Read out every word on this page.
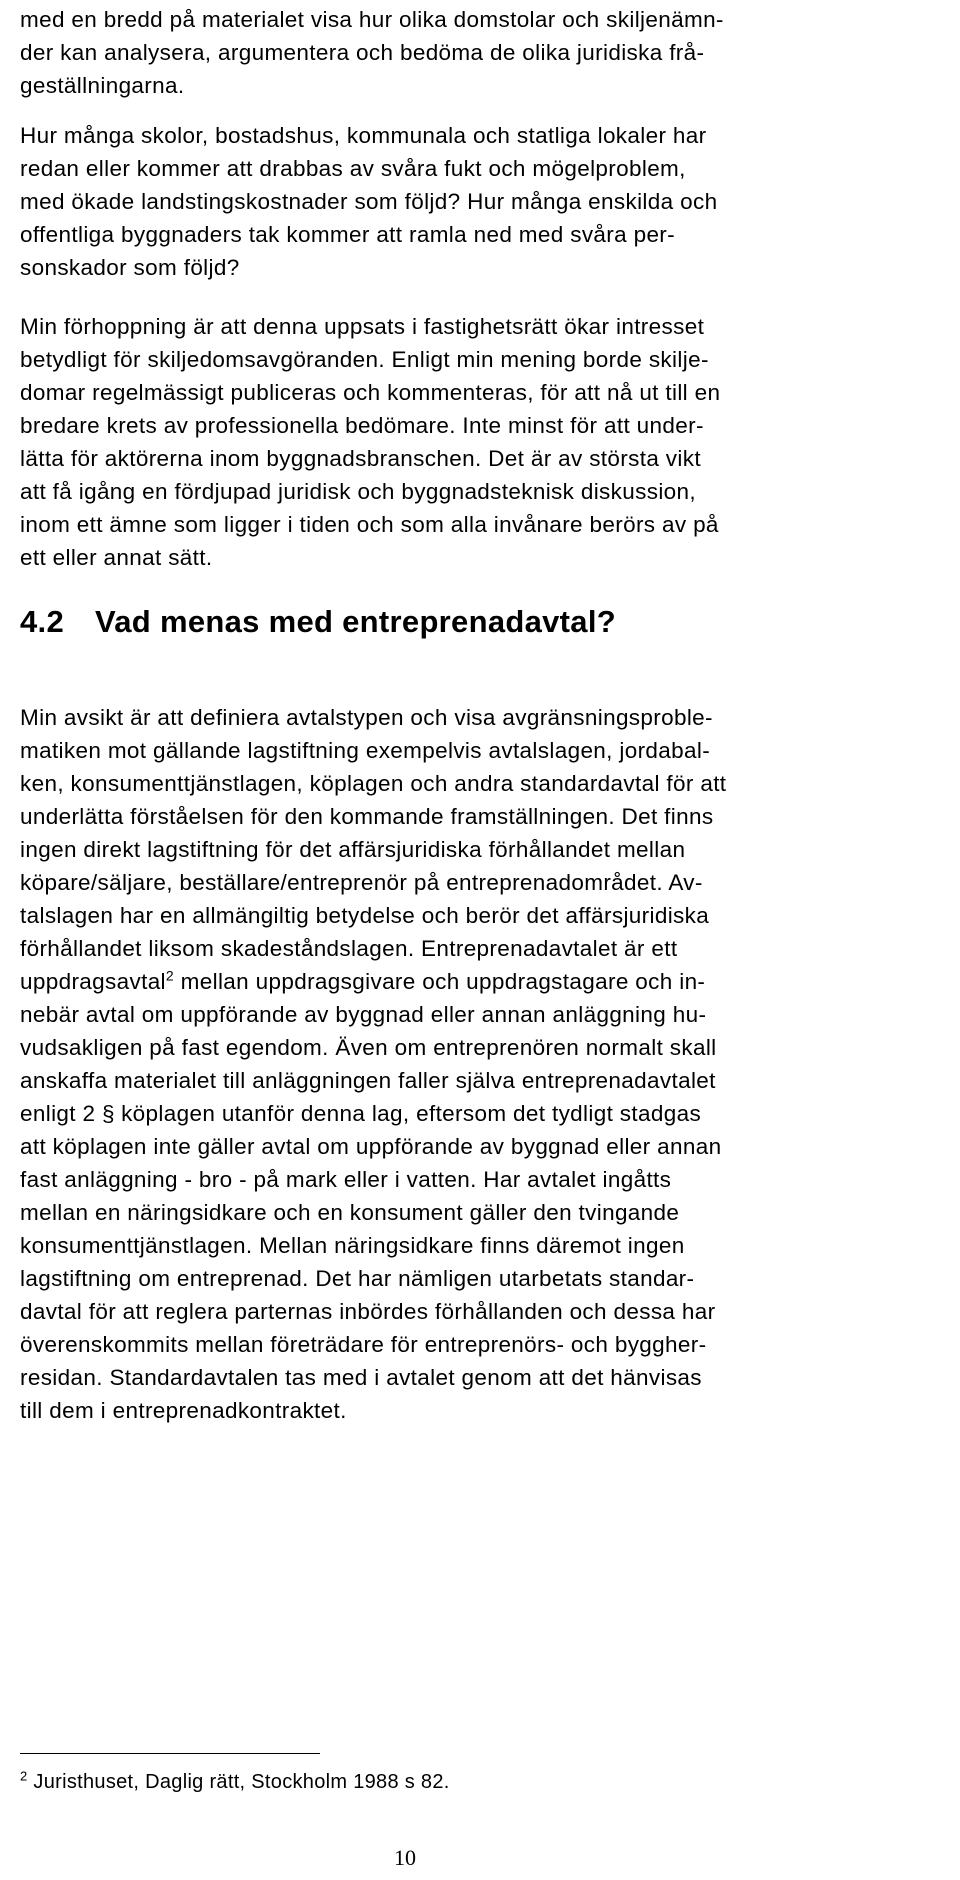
med en bredd på materialet visa hur olika domstolar och skiljenämn-
der kan analysera, argumentera och bedöma de olika juridiska frå-
geställningarna.
Hur många skolor, bostadshus, kommunala och statliga lokaler har
redan eller kommer att drabbas av svåra fukt och mögelproblem,
med ökade landstingskostnader som följd? Hur många enskilda och
offentliga byggnaders tak kommer att ramla ned med svåra per-
sonskador som följd?
Min förhoppning är att denna uppsats i fastighetsrätt ökar intresset
betydligt för skiljedomsavgöranden. Enligt min mening borde skilje-
domar regelmässigt publiceras och kommenteras, för att nå ut till en
bredare krets av professionella bedömare. Inte minst för att under-
lätta för aktörerna inom byggnadsbranschen. Det är av största vikt
att få igång en fördjupad juridisk och byggnadsteknisk diskussion,
inom ett ämne som ligger i tiden och som alla invånare berörs av på
ett eller annat sätt.
4.2 Vad menas med entreprenadavtal?
Min avsikt är att definiera avtalstypen och visa avgränsningsproble-
matiken mot gällande lagstiftning exempelvis avtalslagen, jordabal-
ken, konsumenttjänstlagen, köplagen och andra standardavtal för att
underlätta förståelsen för den kommande framställningen. Det finns
ingen direkt lagstiftning för det affärsjuridiska förhållandet mellan
köpare/säljare, beställare/entreprenör på entreprenadområdet. Av-
talslagen har en allmängiltig betydelse och berör det affärsjuridiska
förhållandet liksom skadeståndslagen. Entreprenadavtalet är ett
uppdragsavtal$^2$ mellan uppdragsgivare och uppdragstagare och in-
nebär avtal om uppförande av byggnad eller annan anläggning hu-
vudsakligen på fast egendom. Även om entreprenören normalt skall
anskaffa materialet till anläggningen faller själva entreprenadavtalet
enligt 2 § köplagen utanför denna lag, eftersom det tydligt stadgas
att köplagen inte gäller avtal om uppförande av byggnad eller annan
fast anläggning - bro - på mark eller i vatten. Har avtalet ingåtts
mellan en näringsidkare och en konsument gäller den tvingande
konsumenttjänstlagen. Mellan näringsidkare finns däremot ingen
lagstiftning om entreprenad. Det har nämligen utarbetats standar-
davtal för att reglera parternas inbördes förhållanden och dessa har
överenskommits mellan företrädare för entreprenörs- och byggher-
residan. Standardavtalen tas med i avtalet genom att det hänvisas
till dem i entreprenadkontraktet.
$^2$ Juristhuset, Daglig rätt, Stockholm 1988 s 82.
10
